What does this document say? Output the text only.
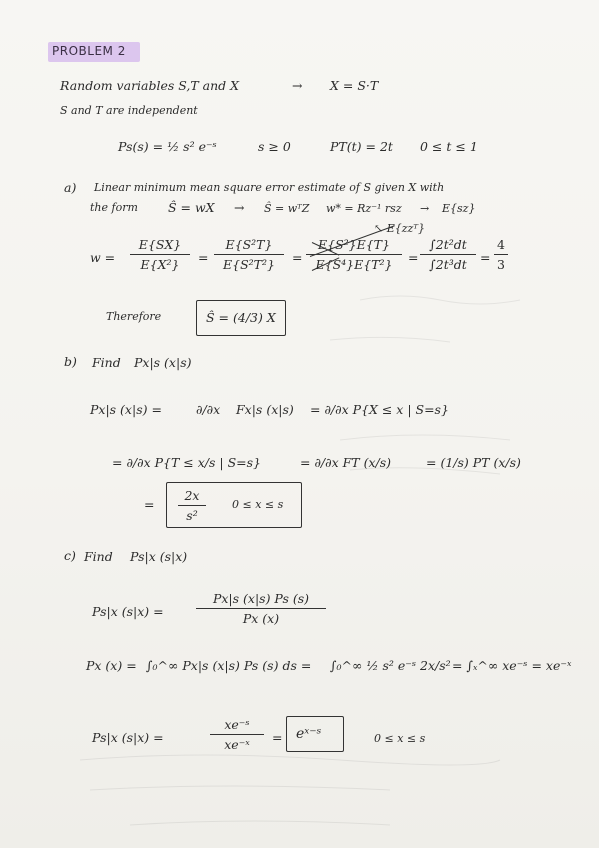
PROBLEM 2
Random variables S,T and X	→ X = S·T
S and T are independent
Ps(s) = ½ s² e⁻ˢ	s ≥ 0	PT(t) = 2t 0 ≤ t ≤ 1
a) Linear minimum mean square error estimate of S given X with
the form Ŝ = wX → Ŝ = wᵀZ w* = Rz⁻¹ rsz → E{sz}
↖ E{zzᵀ}
w =
E{SX}
E{X²}	=
E{S²T}
E{S²T²}	=
E{S²}E{T}
E{S⁴}E{T²}	=
∫2t²dt
∫2t³dt	=
4
3
Therefore	Ŝ = (4/3) X
b) Find Px|s (x|s)
Px|s (x|s) =	∂/∂x Fx|s (x|s) = ∂/∂x P{X ≤ x | S=s}
= ∂/∂x P{T ≤ x/s | S=s}	= ∂/∂x FT (x/s)	= (1/s) PT (x/s)
=
2x
s²
0 ≤ x ≤ s
c) Find Ps|x (s|x)
Ps|x (s|x) =
Px|s (x|s) Ps (s)
Px (x)
Px (x) = ∫₀^∞ Px|s (x|s) Ps (s) ds = ∫₀^∞ ½ s² e⁻ˢ 2x/s² = ∫ₓ^∞ xe⁻ˢ = xe⁻ˣ
Ps|x (s|x) =
xe⁻ˢ
xe⁻ˣ	= eˣ⁻ˢ	0 ≤ x ≤ s
